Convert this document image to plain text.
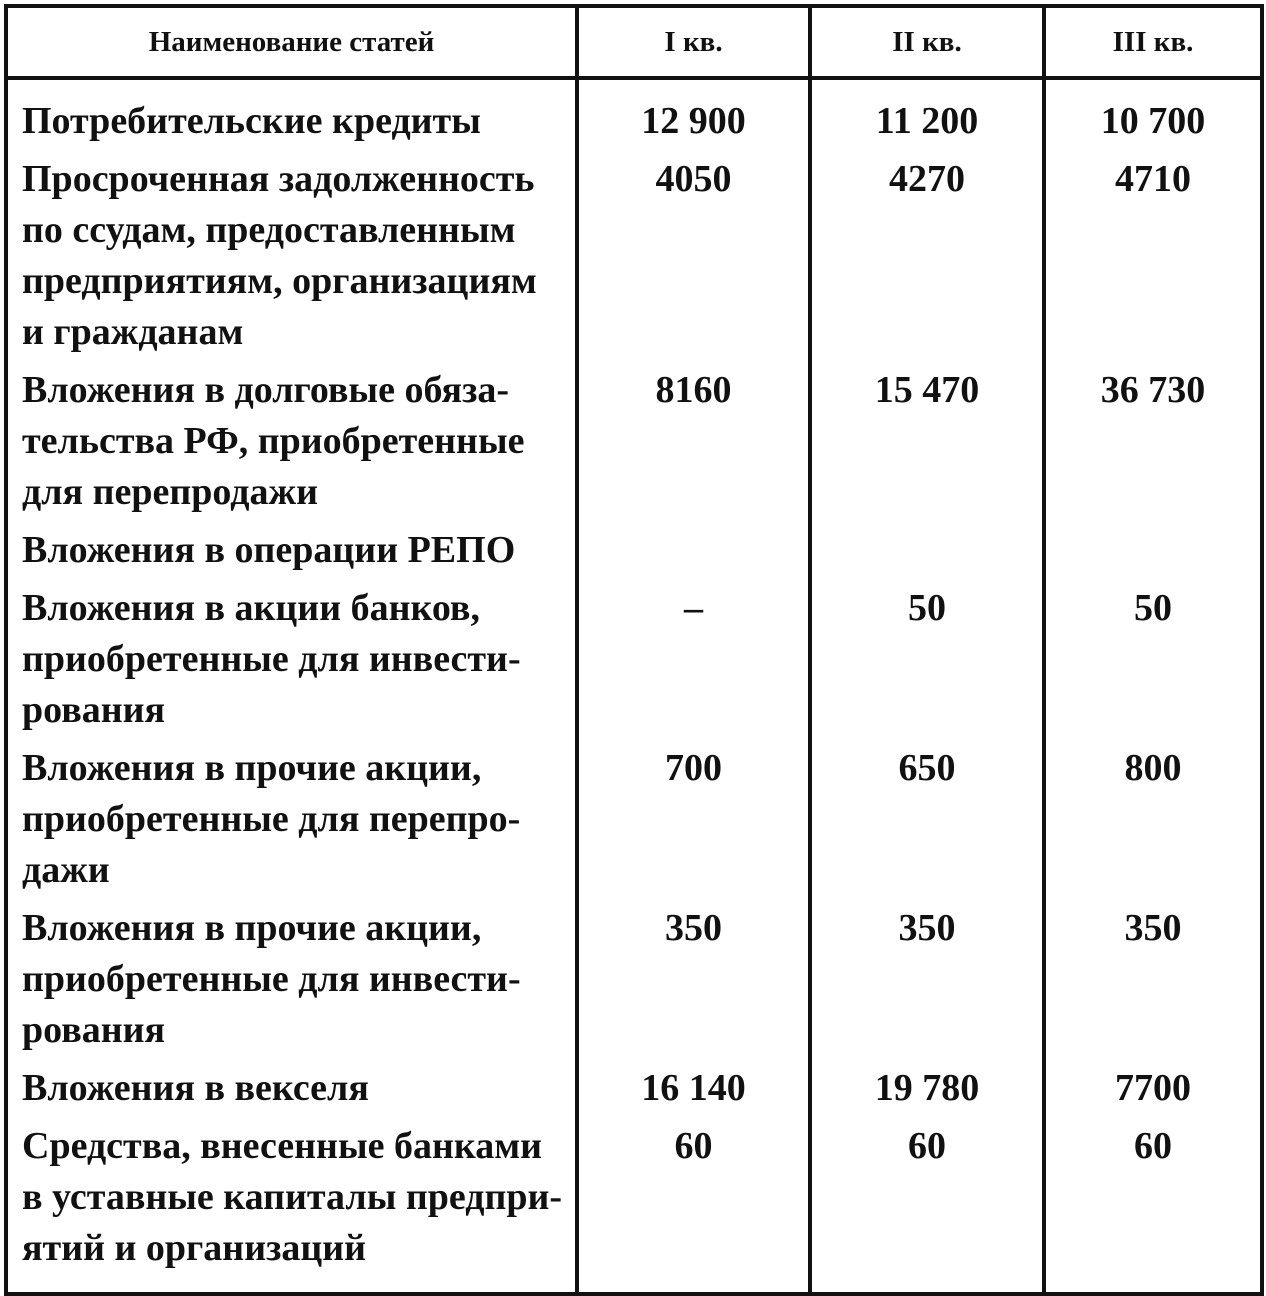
Наименование статей	I кв.	II кв.	III кв.
Потребительские кредиты	12 900	11 200	10 700
Просроченная задолженность по ссудам, предоставленным предприятиям, организациям и гражданам	4050	4270	4710
Вложения в долговые обяза-тельства РФ, приобретенные для перепродажи	8160	15 470	36 730
Вложения в операции РЕПО			
Вложения в акции банков, приобретенные для инвести-рования	–	50	50
Вложения в прочие акции, приобретенные для перепро-дажи	700	650	800
Вложения в прочие акции, приобретенные для инвести-рования	350	350	350
Вложения в векселя	16 140	19 780	7700
Средства, внесенные банками в уставные капиталы предпри-ятий и организаций	60	60	60
